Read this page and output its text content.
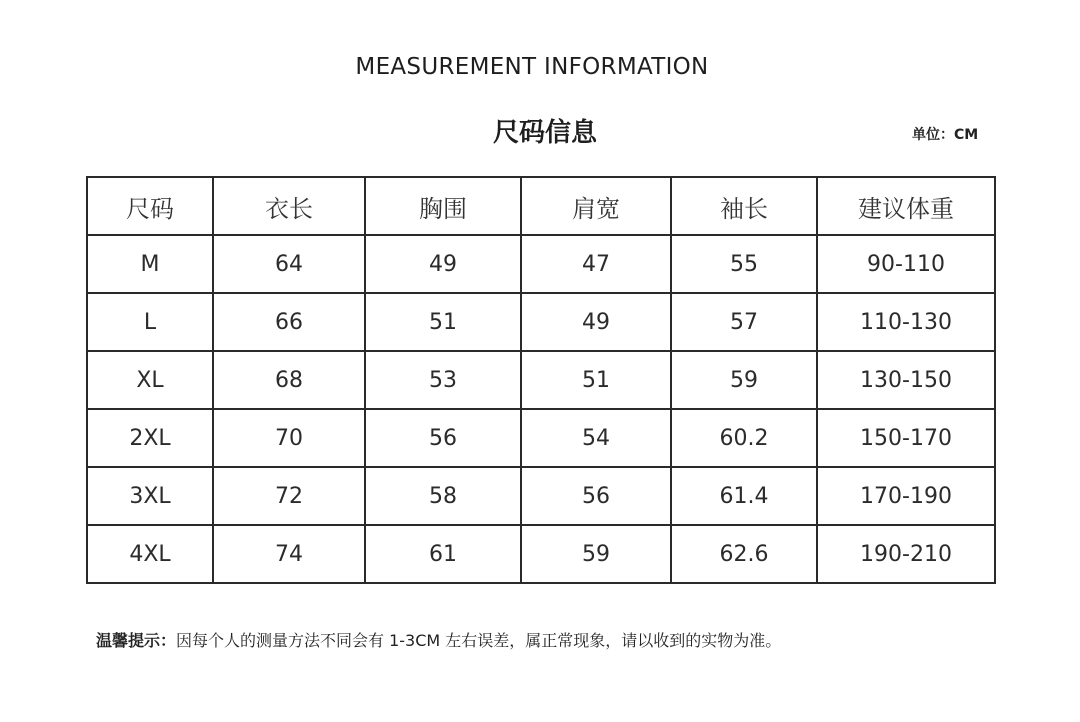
MEASUREMENT INFORMATION
尺码信息	单位：CM
尺码	衣长	胸围	肩宽	袖长	建议体重
M	64	49	47	55	90-110
L	66	51	49	57	110-130
XL	68	53	51	59	130-150
2XL	70	56	54	60.2	150-170
3XL	72	58	56	61.4	170-190
4XL	74	61	59	62.6	190-210
温馨提示：因每个人的测量方法不同会有 1-3CM 左右误差，属正常现象，请以收到的实物为准。
